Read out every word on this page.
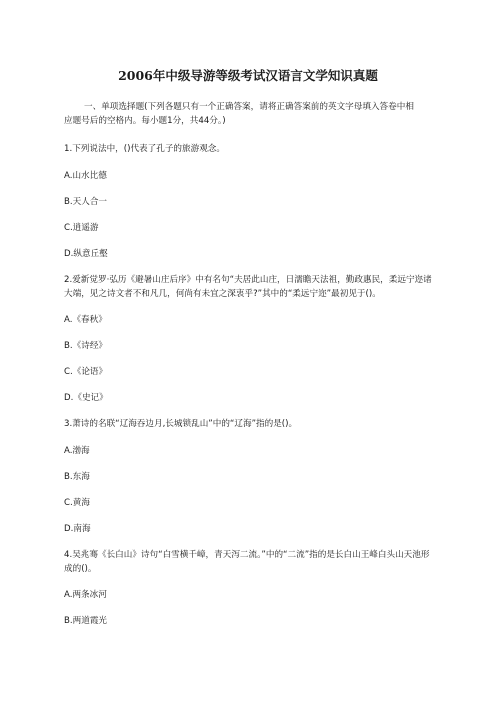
2006年中级导游等级考试汉语言文学知识真题

一、单项选择题(下列各题只有一个正确答案，请将正确答案前的英文字母填入答卷中相应题号后的空格内。每小题1分，共44分。)

1.下列说法中，()代表了孔子的旅游观念。

A.山水比德

B.天人合一

C.逍遥游

D.纵意丘壑

2.爱新觉罗·弘历《避暑山庄后序》中有名句“夫居此山庄，日濡瞻天法祖，勤政惠民，柔远宁迩诸大端，见之诗文者不和凡几，何尚有未宜之深衷乎?”其中的“柔远宁迩”最初见于()。

A.《春秋》

B.《诗经》

C.《论语》

D.《史记》

3.萧诗的名联“辽海吞边月,长城锁乱山”中的“辽海”指的是()。

A.渤海

B.东海

C.黄海

D.南海

4.吴兆骞《长白山》诗句“白雪横千嶂，青天泻二流。”中的“二流”指的是长白山王峰白头山天池形成的()。

A.两条冰河

B.两道霞光
